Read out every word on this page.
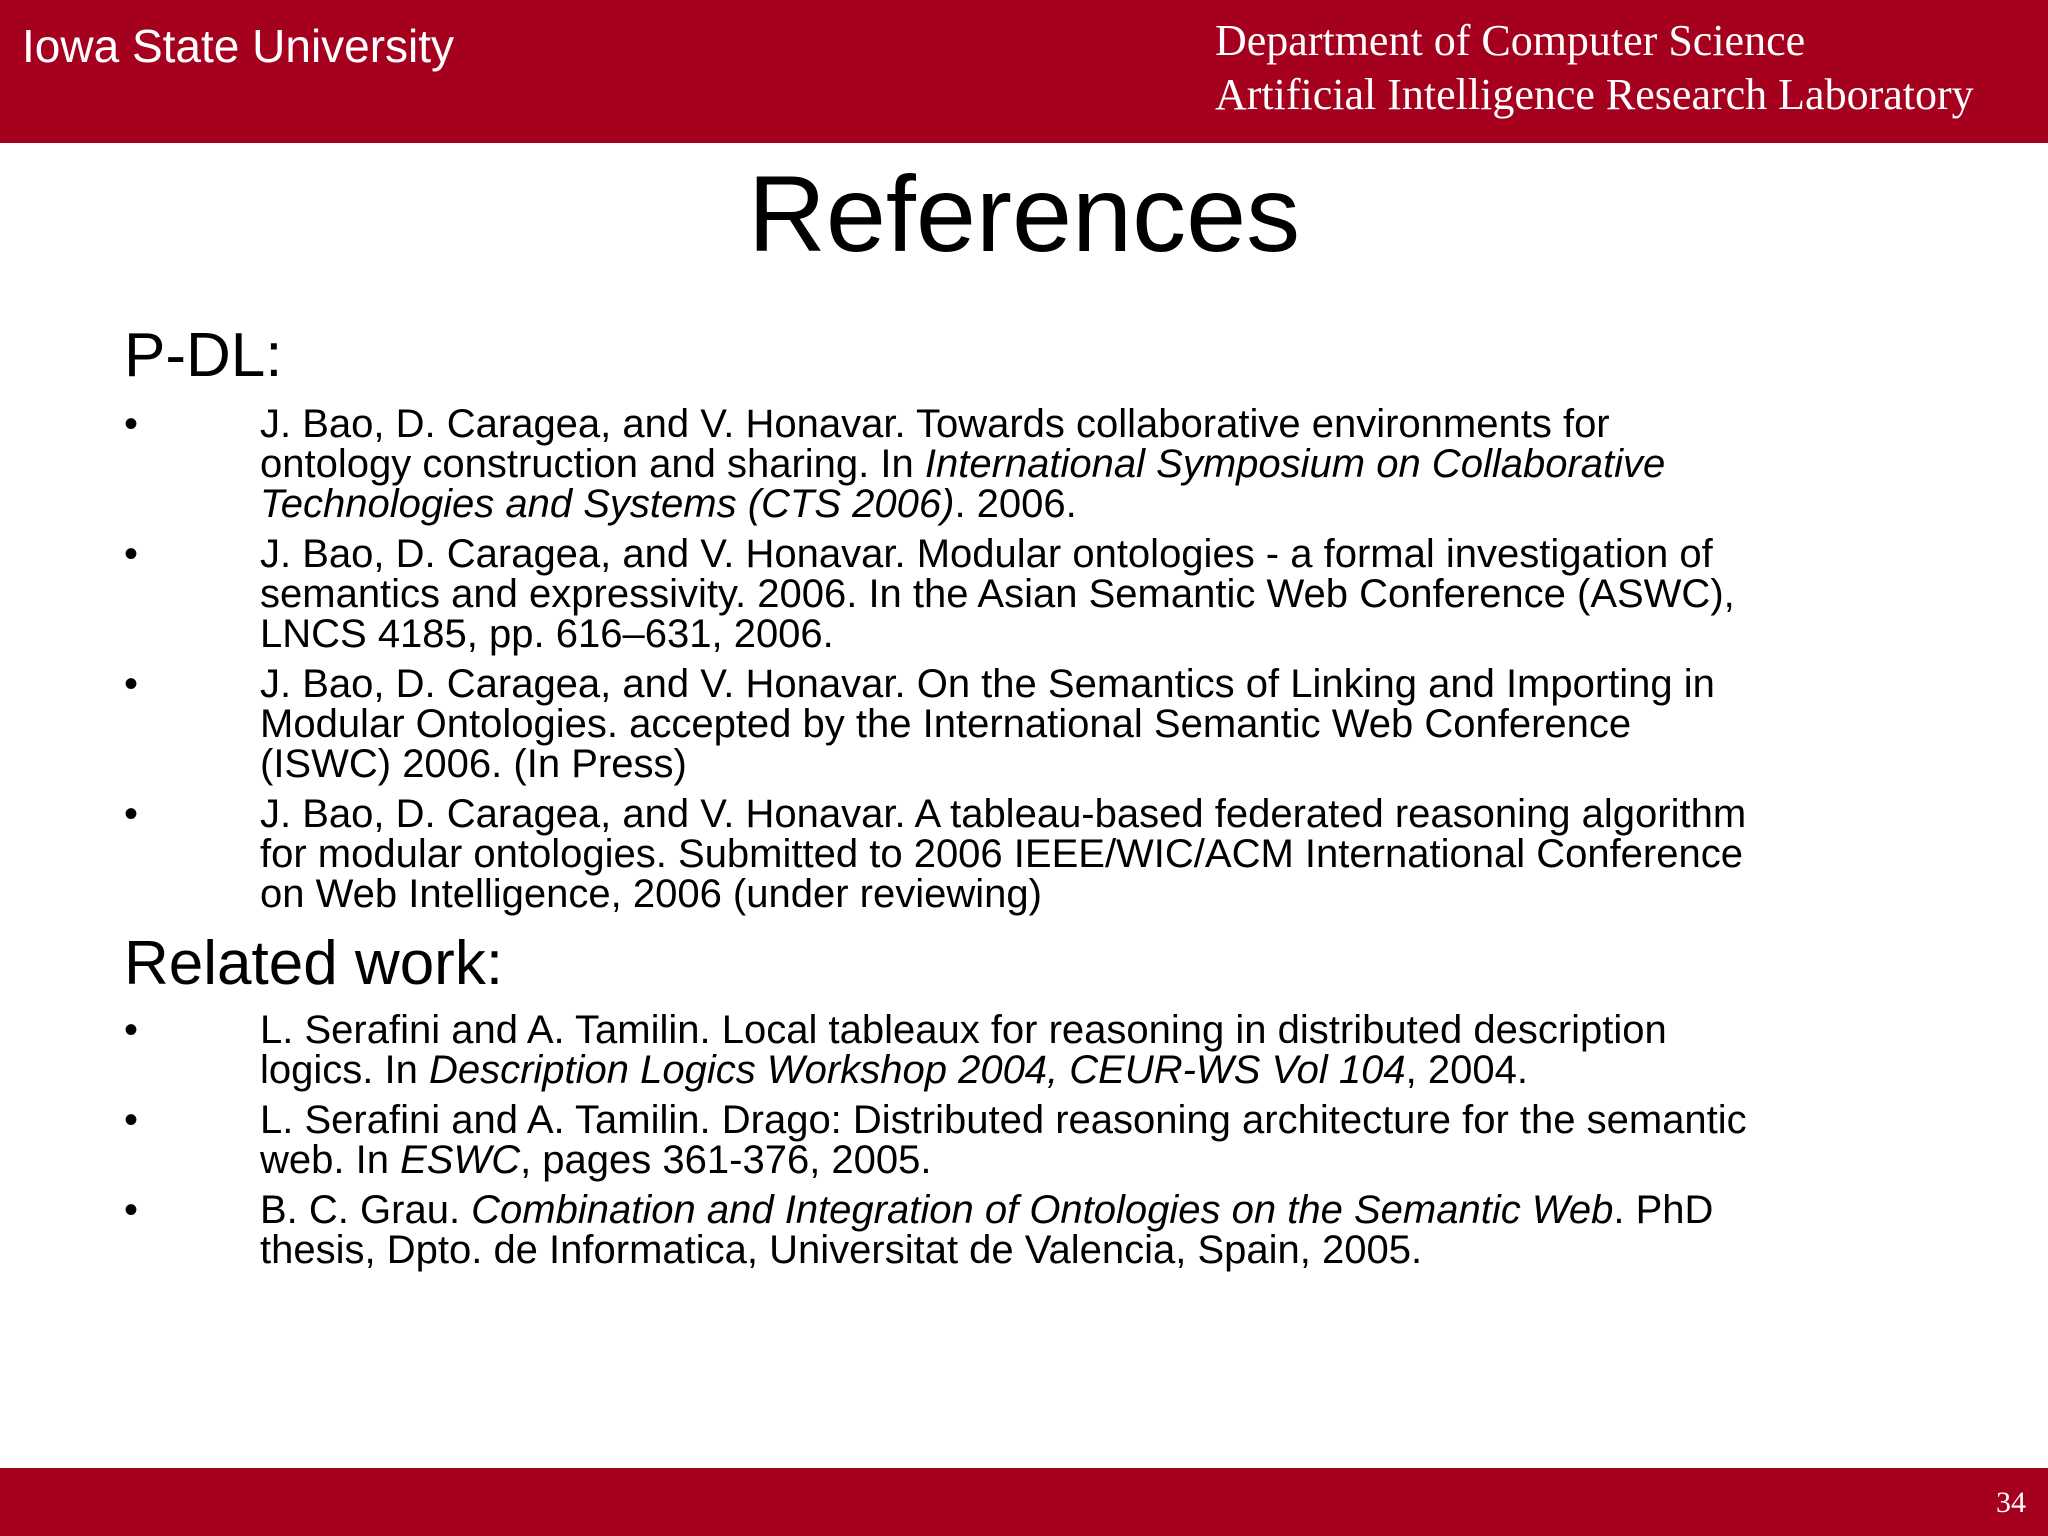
Iowa State University	Department of Computer Science
Artificial Intelligence Research Laboratory
References
P-DL:
•	J. Bao, D. Caragea, and V. Honavar. Towards collaborative environments for
ontology construction and sharing. In International Symposium on Collaborative
Technologies and Systems (CTS 2006). 2006.
•	J. Bao, D. Caragea, and V. Honavar. Modular ontologies - a formal investigation of
semantics and expressivity. 2006. In the Asian Semantic Web Conference (ASWC),
LNCS 4185, pp. 616–631, 2006.
•	J. Bao, D. Caragea, and V. Honavar. On the Semantics of Linking and Importing in
Modular Ontologies. accepted by the International Semantic Web Conference
(ISWC) 2006. (In Press)
•	J. Bao, D. Caragea, and V. Honavar. A tableau-based federated reasoning algorithm
for modular ontologies. Submitted to 2006 IEEE/WIC/ACM International Conference
on Web Intelligence, 2006 (under reviewing)
Related work:
•	L. Serafini and A. Tamilin. Local tableaux for reasoning in distributed description
logics. In Description Logics Workshop 2004, CEUR-WS Vol 104, 2004.
•	L. Serafini and A. Tamilin. Drago: Distributed reasoning architecture for the semantic
web. In ESWC, pages 361-376, 2005.
•	B. C. Grau. Combination and Integration of Ontologies on the Semantic Web. PhD
thesis, Dpto. de Informatica, Universitat de Valencia, Spain, 2005.
34
